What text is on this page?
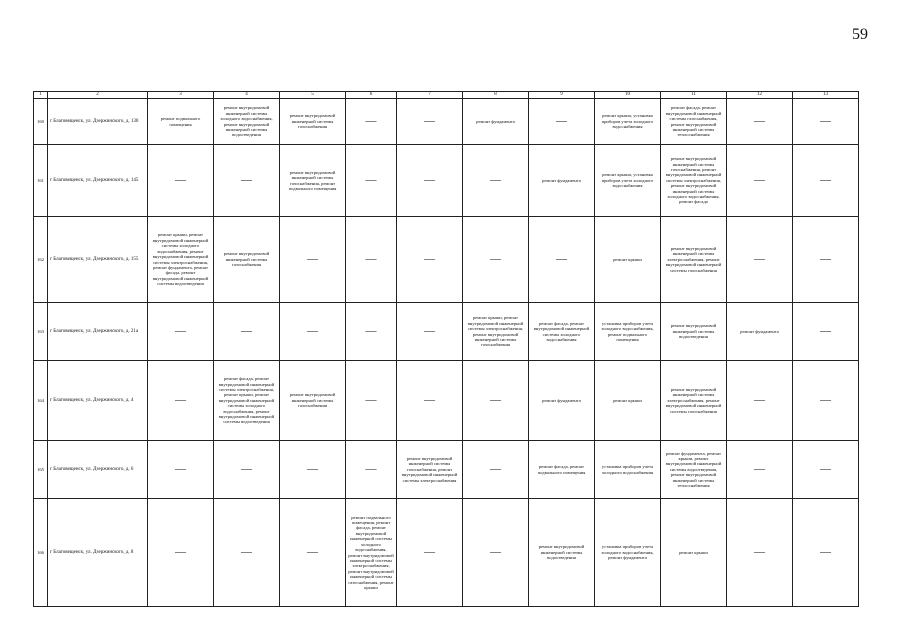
59
1	2	3	4	5	6	7	8	9	10	11	12	13
160	г Благовещенск, ул. Дзержинского, д. 130	ремонт подвального помещения	ремонт внутридомовой инженерной системы холодного водоснабжения, ремонт внутридомовой инженерной системы водоотведения	ремонт внутридомовой инженерной системы газоснабжения	—	—	ремонт фундамента	—	ремонт крыши, установка приборов учета холодного водоснабжения	ремонт фасада, ремонт внутридомовой инженерной системы газоснабжения, ремонт внутридомовой инженерной системы теплоснабжения	—	—
161	г Благовещенск, ул. Дзержинского, д. 145	—	—	ремонт внутридомовой инженерной системы газоснабжения, ремонт подвального помещения	—	—	—	ремонт фундамента	ремонт крыши, установка приборов учета холодного водоснабжения	ремонт внутридомовой инженерной системы газоснабжения, ремонт внутридомовой инженерной системы электроснабжения, ремонт внутридомовой инженерной системы холодного водоснабжения, ремонт фасада	—	—
162	г Благовещенск, ул. Дзержинского, д. 155	ремонт крыши, ремонт внутридомовой инженерной системы холодного водоснабжения, ремонт внутридомовой инженерной системы электроснабжения, ремонт фундамента, ремонт фасада, ремонт внутридомовой инженерной системы водоотведения	ремонт внутридомовой инженерной системы газоснабжения	—	—	—	—	—	ремонт крыши	ремонт внутридомовой инженерной системы электроснабжения, ремонт внутридомовой инженерной системы газоснабжения	—	—
163	г Благовещенск, ул. Дзержинского, д. 21а	—	—	—	—	—	ремонт крыши, ремонт внутридомовой инженерной системы электроснабжения, ремонт внутридомовой инженерной системы газоснабжения	ремонт фасада, ремонт внутридомовой инженерной системы холодного водоснабжения	установка приборов учета холодного водоснабжения, ремонт подвального помещения	ремонт внутридомовой инженерной системы водоотведения	ремонт фундамента	—
164	г Благовещенск, ул. Дзержинского, д. 4	—	ремонт фасада, ремонт внутридомовой инженерной системы электроснабжения, ремонт крыши, ремонт внутридомовой инженерной системы холодного водоснабжения, ремонт внутридомовой инженерной системы водоотведения	ремонт внутридомовой инженерной системы газоснабжения	—	—	—	ремонт фундамента	ремонт крыши	ремонт внутридомовой инженерной системы электроснабжения, ремонт внутридомовой инженерной системы газоснабжения	—	—
165	г Благовещенск, ул. Дзержинского, д. 6	—	—	—	—	ремонт внутридомовой инженерной системы газоснабжения, ремонт внутридомовой инженерной системы электроснабжения	—	ремонт фасада, ремонт подвального помещения	установка приборов учета холодного водоснабжения	ремонт фундамента, ремонт крыши, ремонт внутридомовой инженерной системы водоотведения, ремонт внутридомовой инженерной системы теплоснабжения	—	—
166	г Благовещенск, ул. Дзержинского, д. 8	—	—	—	ремонт подвального помещения, ремонт фасада, ремонт внутридомовой инженерной системы холодного водоснабжения, ремонт внутридомовой инженерной системы электроснабжения, ремонт внутридомовой инженерной системы газоснабжения, ремонт крыши	—	—	ремонт внутридомовой инженерной системы водоотведения	установка приборов учета холодного водоснабжения, ремонт фундамента	ремонт крыши	—	—
